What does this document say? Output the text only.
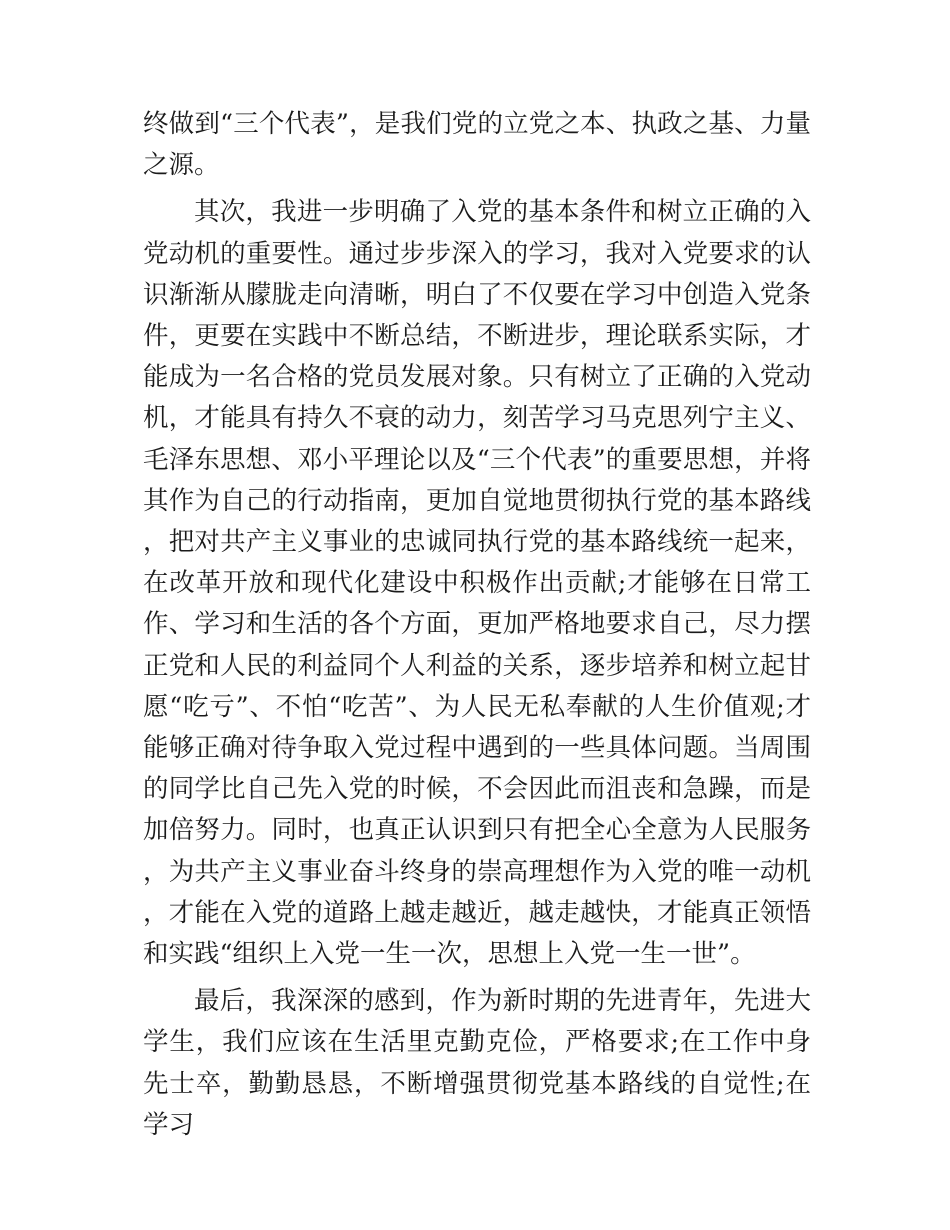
终做到“三个代表”，是我们党的立党之本、执政之基、力量之源。

其次，我进一步明确了入党的基本条件和树立正确的入党动机的重要性。通过步步深入的学习，我对入党要求的认识渐渐从朦胧走向清晰，明白了不仅要在学习中创造入党条件，更要在实践中不断总结，不断进步，理论联系实际，才能成为一名合格的党员发展对象。只有树立了正确的入党动机，才能具有持久不衰的动力，刻苦学习马克思列宁主义、毛泽东思想、邓小平理论以及“三个代表”的重要思想，并将其作为自己的行动指南，更加自觉地贯彻执行党的基本路线，把对共产主义事业的忠诚同执行党的基本路线统一起来，在改革开放和现代化建设中积极作出贡献;才能够在日常工作、学习和生活的各个方面，更加严格地要求自己，尽力摆正党和人民的利益同个人利益的关系，逐步培养和树立起甘愿“吃亏”、不怕“吃苦”、为人民无私奉献的人生价值观;才能够正确对待争取入党过程中遇到的一些具体问题。当周围的同学比自己先入党的时候，不会因此而沮丧和急躁，而是加倍努力。同时，也真正认识到只有把全心全意为人民服务，为共产主义事业奋斗终身的崇高理想作为入党的唯一动机，才能在入党的道路上越走越近，越走越快，才能真正领悟和实践“组织上入党一生一次，思想上入党一生一世”。

最后，我深深的感到，作为新时期的先进青年，先进大学生，我们应该在生活里克勤克俭，严格要求;在工作中身先士卒，勤勤恳恳，不断增强贯彻党基本路线的自觉性;在学习
